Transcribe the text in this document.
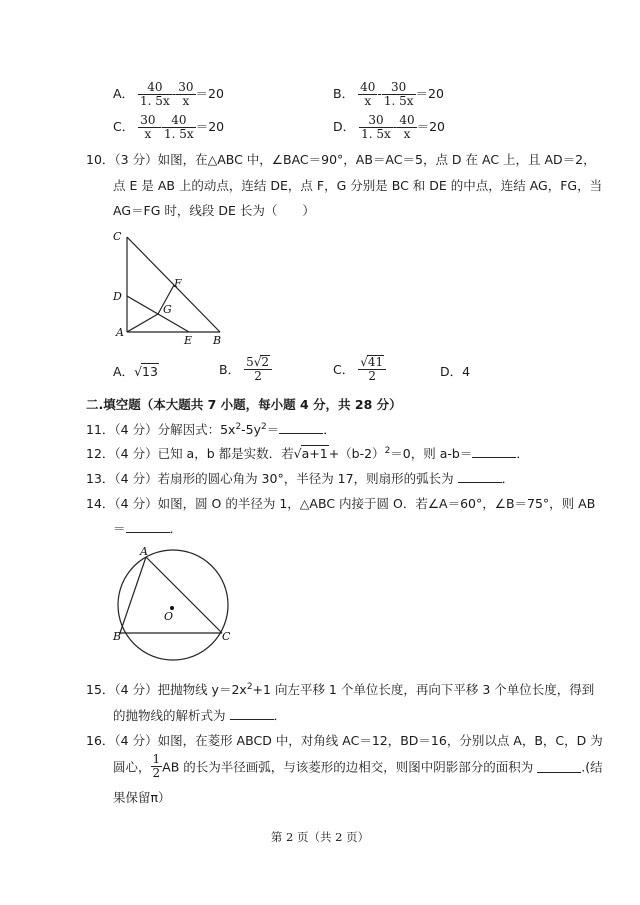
A． $\frac{40}{1. 5x} - \frac{30}{x} =20$	B． $\frac{40}{x} - \frac{30}{1. 5x} =20$
C． $\frac{30}{x} - \frac{40}{1. 5x} =20$	D． $\frac{30}{1. 5x} - \frac{40}{x} =20$
10．（3 分）如图，在△ABC 中，∠BAC＝90°，AB＝AC＝5，点 D 在 AC 上，且 AD＝2，
点 E 是 AB 上的动点，连结 DE，点 F，G 分别是 BC 和 DE 的中点，连结 AG，FG，当
AG＝FG 时，线段 DE 长为（　　）
C
D
F
G
A
E B
A．√13	B． $\frac{5√2}{2}$	C． $\frac{√41}{2}$	D．4
二.填空题（本大题共 7 小题，每小题 4 分，共 28 分）
11．（4 分）分解因式：$5x^2-5y^2=$	．
12．（4 分）已知 a，b 都是实数．若$√a+1+(b-2)^2=0$，则 a-b＝	．
13．（4 分）若扇形的圆心角为 30°，半径为 17，则扇形的弧长为	．
14．（4 分）如图，圆 O 的半径为 1，△ABC 内接于圆 O．若∠A＝60°，∠B＝75°，则 AB
＝	．
A
O
B	C
15．（4 分）把抛物线 $y=2x^2+1$ 向左平移 1 个单位长度，再向下平移 3 个单位长度，得到
的抛物线的解析式为	．
16．（4 分）如图，在菱形 ABCD 中，对角线 AC＝12，BD＝16，分别以点 A，B，C，D 为
圆心， $\frac{1}{2}$ AB 的长为半径画弧，与该菱形的边相交，则图中阴影部分的面积为	.(结
果保留π）
第 2 页（共 2 页）
